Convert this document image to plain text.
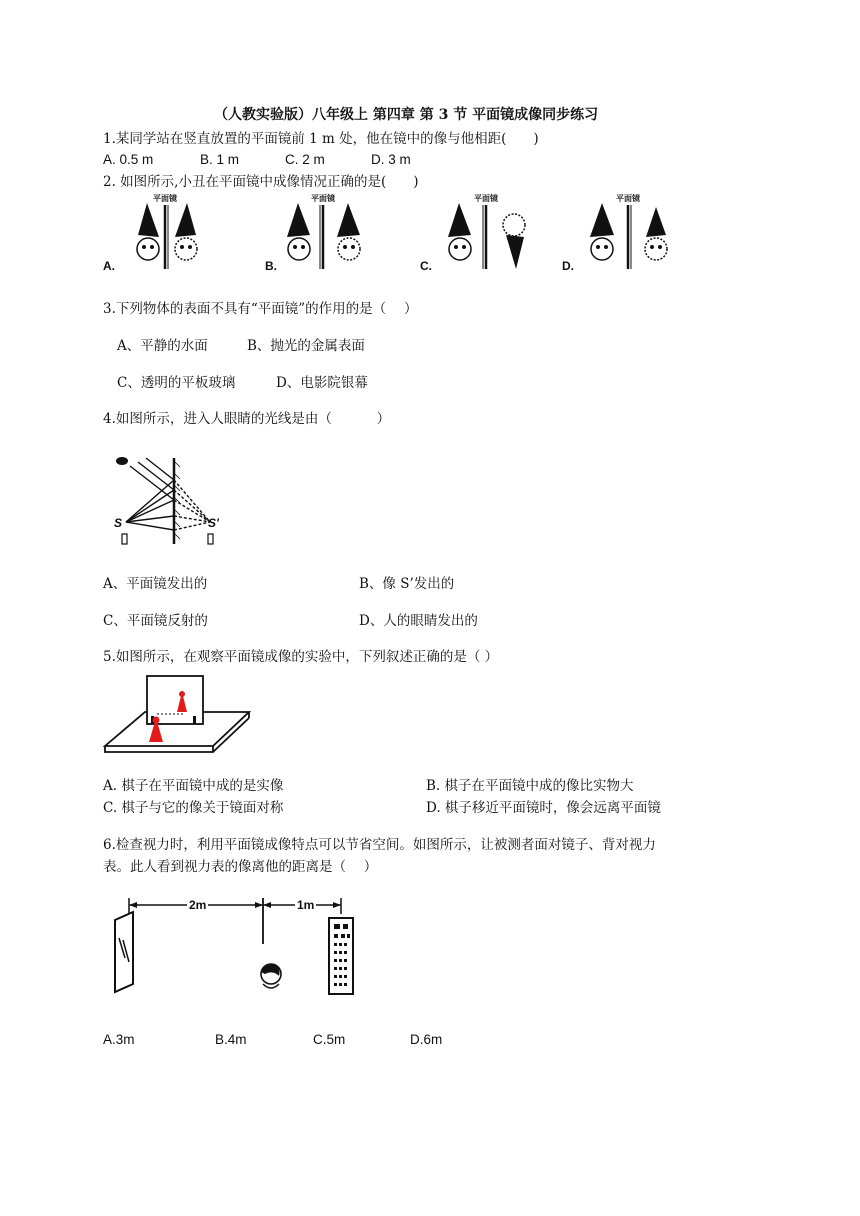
（人教实验版）八年级上 第四章 第 3 节 平面镜成像同步练习
1.某同学站在竖直放置的平面镜前 1 m 处，他在镜中的像与他相距(　　)
A. 0.5 m	B. 1 m	C. 2 m	D. 3 m
2. 如图所示,小丑在平面镜中成像情况正确的是(　　)
A.
平面镜
B.
平面镜
C.
平面镜
D.
平面镜
3.下列物体的表面不具有“平面镜”的作用的是（　 ）
A、平静的水面	B、抛光的金属表面
C、透明的平板玻璃	D、电影院银幕
4.如图所示，进入人眼睛的光线是由（　　　 ）
S	S'
A、平面镜发出的	B、像 S’发出的
C、平面镜反射的	D、人的眼睛发出的
5.如图所示，在观察平面镜成像的实验中，下列叙述正确的是（ ）
A. 棋子在平面镜中成的是实像	B. 棋子在平面镜中成的像比实物大
C. 棋子与它的像关于镜面对称	D. 棋子移近平面镜时，像会远离平面镜
6.检查视力时，利用平面镜成像特点可以节省空间。如图所示，让被测者面对镜子、背对视力
表。此人看到视力表的像离他的距离是（　 ）
2m	1m
A.3m	B.4m	C.5m	D.6m
